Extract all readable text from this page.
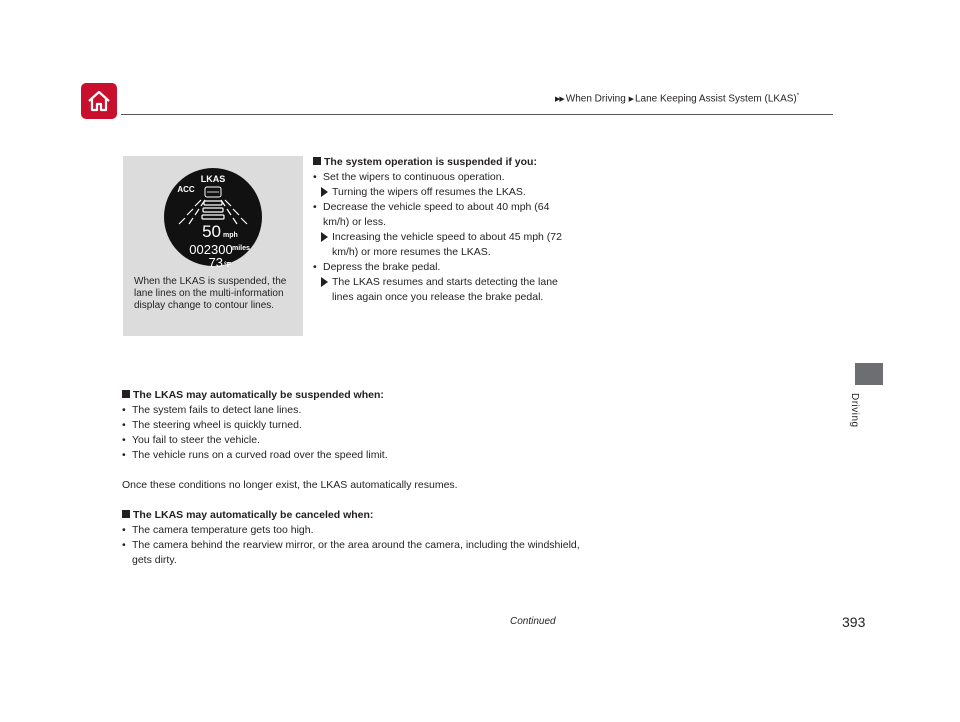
▶▶ When Driving ▶ Lane Keeping Assist System (LKAS)*
Driving
LKAS
ACC
50 mph
002300 miles
73 °F
When the LKAS is suspended, the lane lines on the multi-information display change to contour lines.
The system operation is suspended if you:
• Set the wipers to continuous operation.
Turning the wipers off resumes the LKAS.
• Decrease the vehicle speed to about 40 mph (64 km/h) or less.
Increasing the vehicle speed to about 45 mph (72 km/h) or more resumes the LKAS.
• Depress the brake pedal.
The LKAS resumes and starts detecting the lane lines again once you release the brake pedal.
The LKAS may automatically be suspended when:
• The system fails to detect lane lines.
• The steering wheel is quickly turned.
• You fail to steer the vehicle.
• The vehicle runs on a curved road over the speed limit.
Once these conditions no longer exist, the LKAS automatically resumes.
The LKAS may automatically be canceled when:
• The camera temperature gets too high.
• The camera behind the rearview mirror, or the area around the camera, including the windshield, gets dirty.
Continued	393
